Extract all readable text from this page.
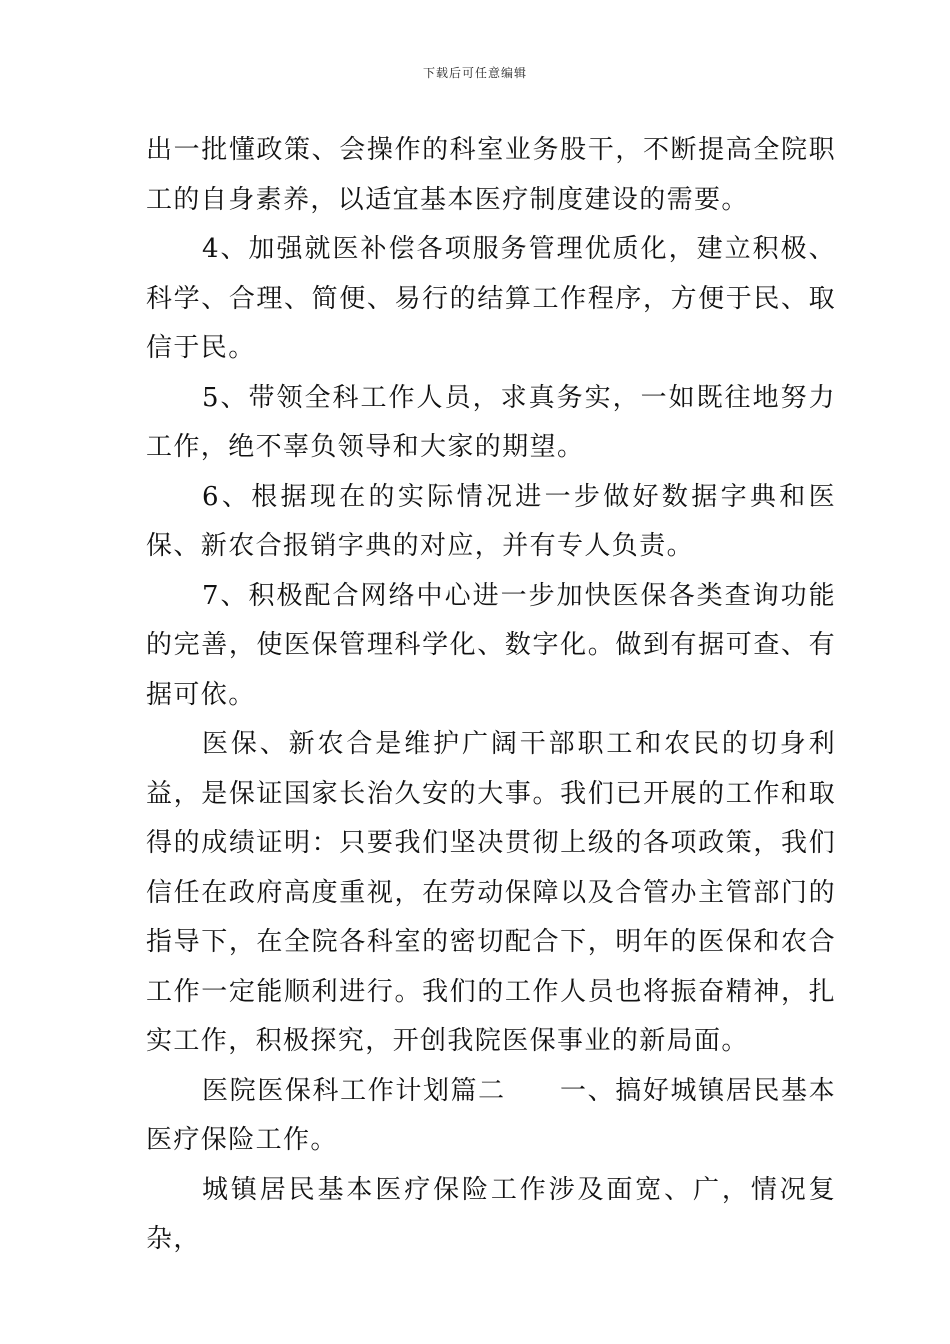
下载后可任意编辑

出一批懂政策、会操作的科室业务股干，不断提高全院职工的自身素养，以适宜基本医疗制度建设的需要。

4、加强就医补偿各项服务管理优质化，建立积极、科学、合理、简便、易行的结算工作程序，方便于民、取信于民。

5、带领全科工作人员，求真务实，一如既往地努力工作，绝不辜负领导和大家的期望。

6、根据现在的实际情况进一步做好数据字典和医保、新农合报销字典的对应，并有专人负责。

7、积极配合网络中心进一步加快医保各类查询功能的完善，使医保管理科学化、数字化。做到有据可查、有据可依。

医保、新农合是维护广阔干部职工和农民的切身利益，是保证国家长治久安的大事。我们已开展的工作和取得的成绩证明：只要我们坚决贯彻上级的各项政策，我们信任在政府高度重视，在劳动保障以及合管办主管部门的指导下，在全院各科室的密切配合下，明年的医保和农合工作一定能顺利进行。我们的工作人员也将振奋精神，扎实工作，积极探究，开创我院医保事业的新局面。

医院医保科工作计划篇二 一、搞好城镇居民基本医疗保险工作。

城镇居民基本医疗保险工作涉及面宽、广，情况复杂，
